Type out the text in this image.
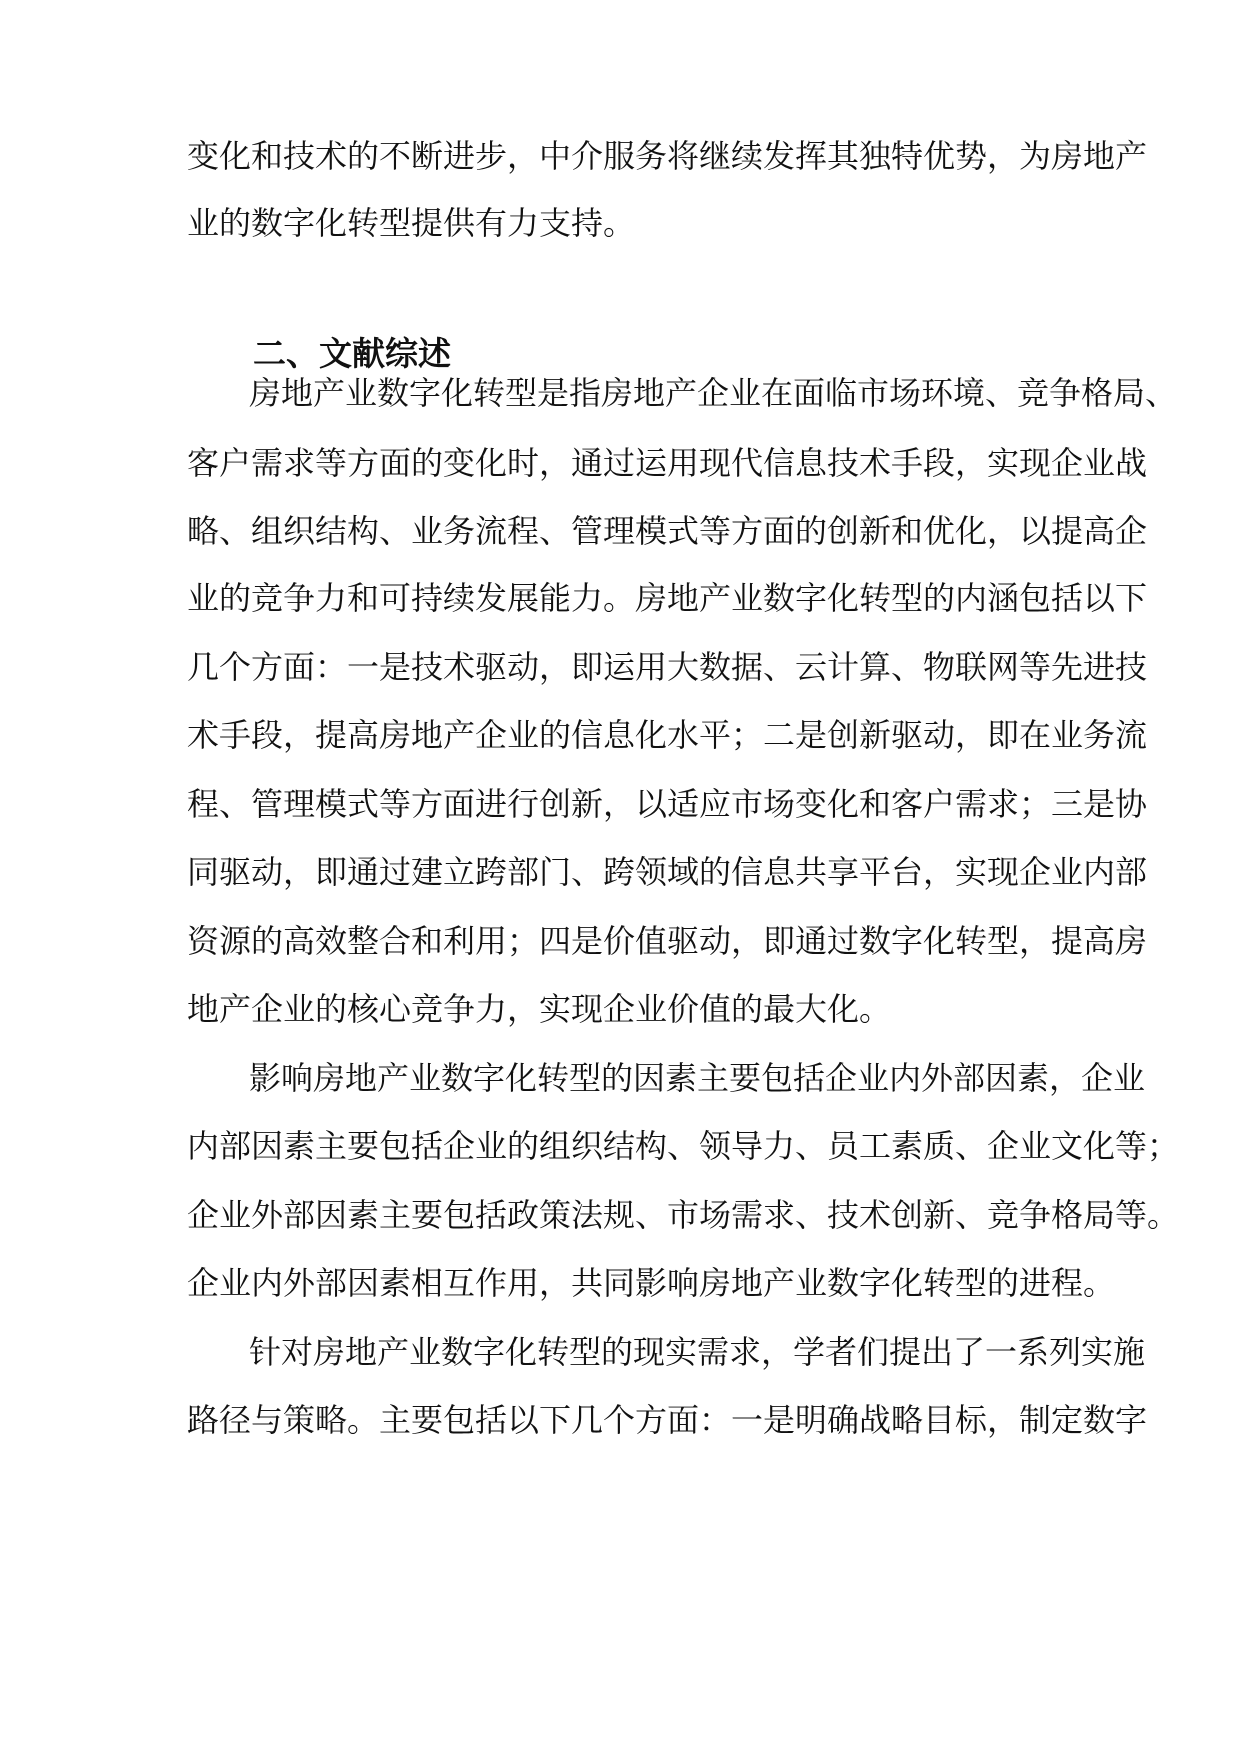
变化和技术的不断进步，中介服务将继续发挥其独特优势，为房地产

业的数字化转型提供有力支持。

二、文献综述

房地产业数字化转型是指房地产企业在面临市场环境、竞争格局、

客户需求等方面的变化时，通过运用现代信息技术手段，实现企业战

略、组织结构、业务流程、管理模式等方面的创新和优化，以提高企

业的竞争力和可持续发展能力。房地产业数字化转型的内涵包括以下

几个方面：一是技术驱动，即运用大数据、云计算、物联网等先进技

术手段，提高房地产企业的信息化水平；二是创新驱动，即在业务流

程、管理模式等方面进行创新，以适应市场变化和客户需求；三是协

同驱动，即通过建立跨部门、跨领域的信息共享平台，实现企业内部

资源的高效整合和利用；四是价值驱动，即通过数字化转型，提高房

地产企业的核心竞争力，实现企业价值的最大化。

影响房地产业数字化转型的因素主要包括企业内外部因素，企业

内部因素主要包括企业的组织结构、领导力、员工素质、企业文化等；

企业外部因素主要包括政策法规、市场需求、技术创新、竞争格局等。

企业内外部因素相互作用，共同影响房地产业数字化转型的进程。

针对房地产业数字化转型的现实需求，学者们提出了一系列实施

路径与策略。主要包括以下几个方面：一是明确战略目标，制定数字
